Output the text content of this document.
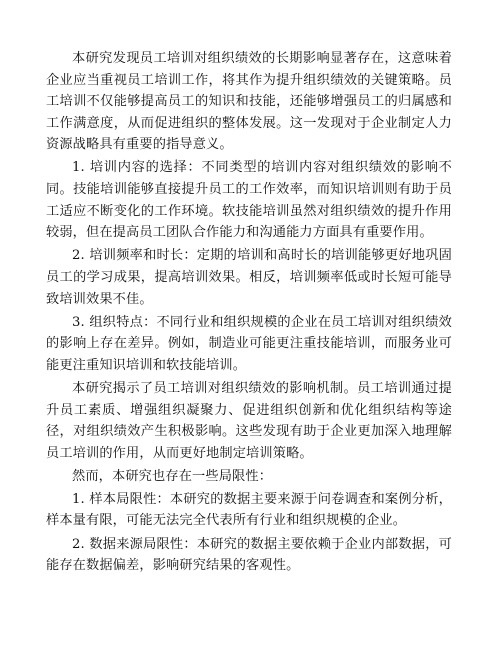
本研究发现员工培训对组织绩效的长期影响显著存在，这意味着企业应当重视员工培训工作，将其作为提升组织绩效的关键策略。员工培训不仅能够提高员工的知识和技能，还能够增强员工的归属感和工作满意度，从而促进组织的整体发展。这一发现对于企业制定人力资源战略具有重要的指导意义。

1. 培训内容的选择：不同类型的培训内容对组织绩效的影响不同。技能培训能够直接提升员工的工作效率，而知识培训则有助于员工适应不断变化的工作环境。软技能培训虽然对组织绩效的提升作用较弱，但在提高员工团队合作能力和沟通能力方面具有重要作用。

2. 培训频率和时长：定期的培训和高时长的培训能够更好地巩固员工的学习成果，提高培训效果。相反，培训频率低或时长短可能导致培训效果不佳。

3. 组织特点：不同行业和组织规模的企业在员工培训对组织绩效的影响上存在差异。例如，制造业可能更注重技能培训，而服务业可能更注重知识培训和软技能培训。

本研究揭示了员工培训对组织绩效的影响机制。员工培训通过提升员工素质、增强组织凝聚力、促进组织创新和优化组织结构等途径，对组织绩效产生积极影响。这些发现有助于企业更加深入地理解员工培训的作用，从而更好地制定培训策略。

然而，本研究也存在一些局限性：

1. 样本局限性：本研究的数据主要来源于问卷调查和案例分析，样本量有限，可能无法完全代表所有行业和组织规模的企业。

2. 数据来源局限性：本研究的数据主要依赖于企业内部数据，可能存在数据偏差，影响研究结果的客观性。
